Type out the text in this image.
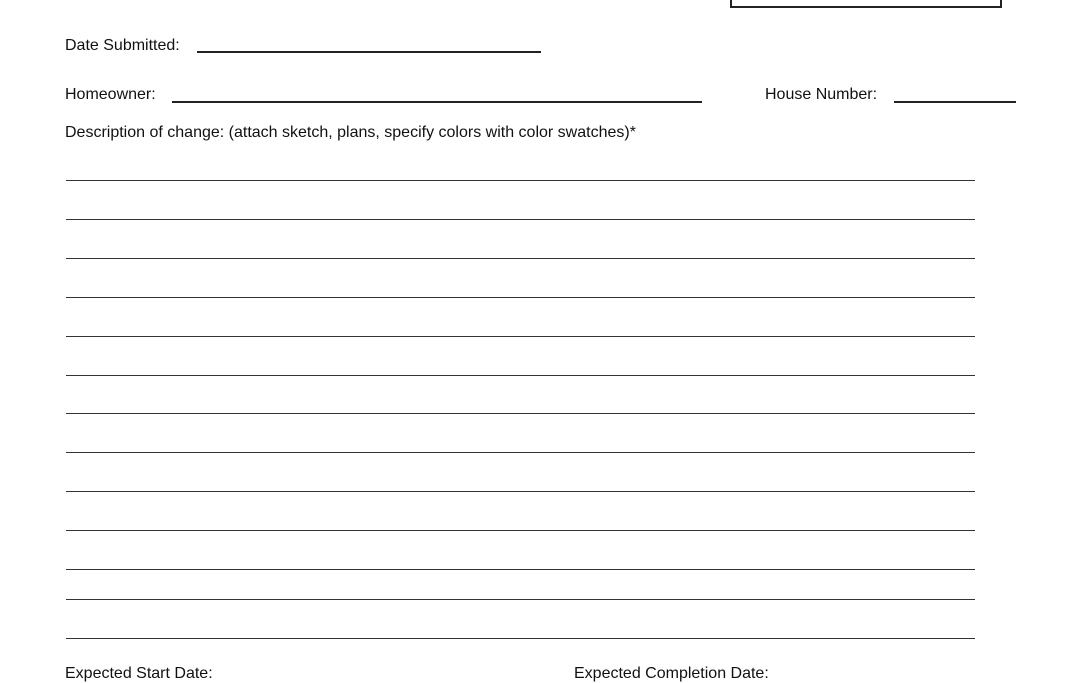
Date Submitted:
Homeowner:	House Number:
Description of change: (attach sketch, plans, specify colors with color swatches)*
Expected Start Date:	Expected Completion Date:
